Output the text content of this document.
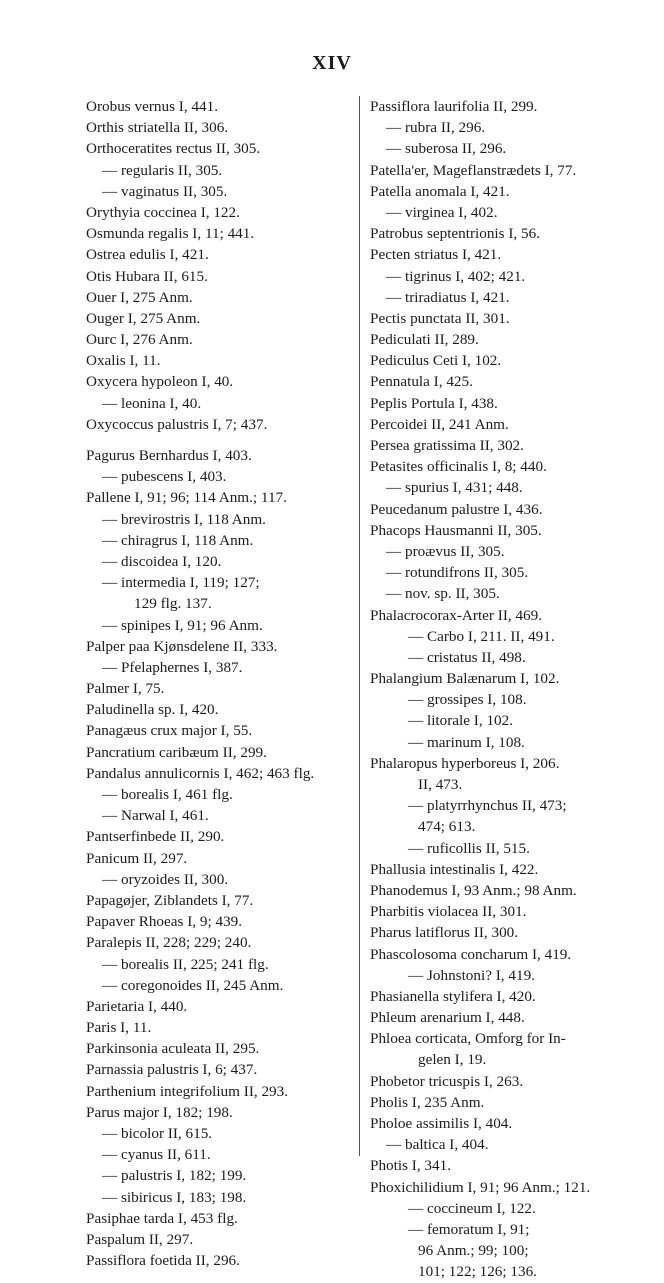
XIV
Orobus vernus I, 441.
Orthis striatella II, 306.
Orthoceratites rectus II, 305.
— regularis II, 305.
— vaginatus II, 305.
Orythyia coccinea I, 122.
Osmunda regalis I, 11; 441.
Ostrea edulis I, 421.
Otis Hubara II, 615.
Ouer I, 275 Anm.
Ouger I, 275 Anm.
Ourc I, 276 Anm.
Oxalis I, 11.
Oxycera hypoleon I, 40.
— leonina I, 40.
Oxycoccus palustris I, 7; 437.
Pagurus Bernhardus I, 403.
— pubescens I, 403.
Pallene I, 91; 96; 114 Anm.; 117.
— brevirostris I, 118 Anm.
— chiragrus I, 118 Anm.
— discoidea I, 120.
— intermedia I, 119; 127;
129 flg. 137.
— spinipes I, 91; 96 Anm.
Palper paa Kjønsdelene II, 333.
— Pfelaphernes I, 387.
Palmer I, 75.
Paludinella sp. I, 420.
Panagæus crux major I, 55.
Pancratium caribæum II, 299.
Pandalus annulicornis I, 462; 463 flg.
— borealis I, 461 flg.
— Narwal I, 461.
Pantserfinbede II, 290.
Panicum II, 297.
— oryzoides II, 300.
Papagøjer, Ziblandets I, 77.
Papaver Rhoeas I, 9; 439.
Paralepis II, 228; 229; 240.
— borealis II, 225; 241 flg.
— coregonoides II, 245 Anm.
Parietaria I, 440.
Paris I, 11.
Parkinsonia aculeata II, 295.
Parnassia palustris I, 6; 437.
Parthenium integrifolium II, 293.
Parus major I, 182; 198.
— bicolor II, 615.
— cyanus II, 611.
— palustris I, 182; 199.
— sibiricus I, 183; 198.
Pasiphae tarda I, 453 flg.
Paspalum II, 297.
Passiflora foetida II, 296.
Passiflora laurifolia II, 299.
— rubra II, 296.
— suberosa II, 296.
Patella'er, Mageflanstrædets I, 77.
Patella anomala I, 421.
— virginea I, 402.
Patrobus septentrionis I, 56.
Pecten striatus I, 421.
— tigrinus I, 402; 421.
— triradiatus I, 421.
Pectis punctata II, 301.
Pediculati II, 289.
Pediculus Ceti I, 102.
Pennatula I, 425.
Peplis Portula I, 438.
Percoidei II, 241 Anm.
Persea gratissima II, 302.
Petasites officinalis I, 8; 440.
— spurius I, 431; 448.
Peucedanum palustre I, 436.
Phacops Hausmanni II, 305.
— proævus II, 305.
— rotundifrons II, 305.
— nov. sp. II, 305.
Phalacrocorax-Arter II, 469.
— Carbo I, 211. II, 491.
— cristatus II, 498.
Phalangium Balænarum I, 102.
— grossipes I, 108.
— litorale I, 102.
— marinum I, 108.
Phalaropus hyperboreus I, 206.
II, 473.
— platyrrhynchus II, 473;
474; 613.
— ruficollis II, 515.
Phallusia intestinalis I, 422.
Phanodemus I, 93 Anm.; 98 Anm.
Pharbitis violacea II, 301.
Pharus latiflorus II, 300.
Phascolosoma concharum I, 419.
— Johnstoni? I, 419.
Phasianella stylifera I, 420.
Phleum arenarium I, 448.
Phloea corticata, Omforg for In-
gelen I, 19.
Phobetor tricuspis I, 263.
Pholis I, 235 Anm.
Pholoe assimilis I, 404.
— baltica I, 404.
Photis I, 341.
Phoxichilidium I, 91; 96 Anm.; 121.
— coccineum I, 122.
— femoratum I, 91;
96 Anm.; 99; 100;
101; 122; 126; 136.
